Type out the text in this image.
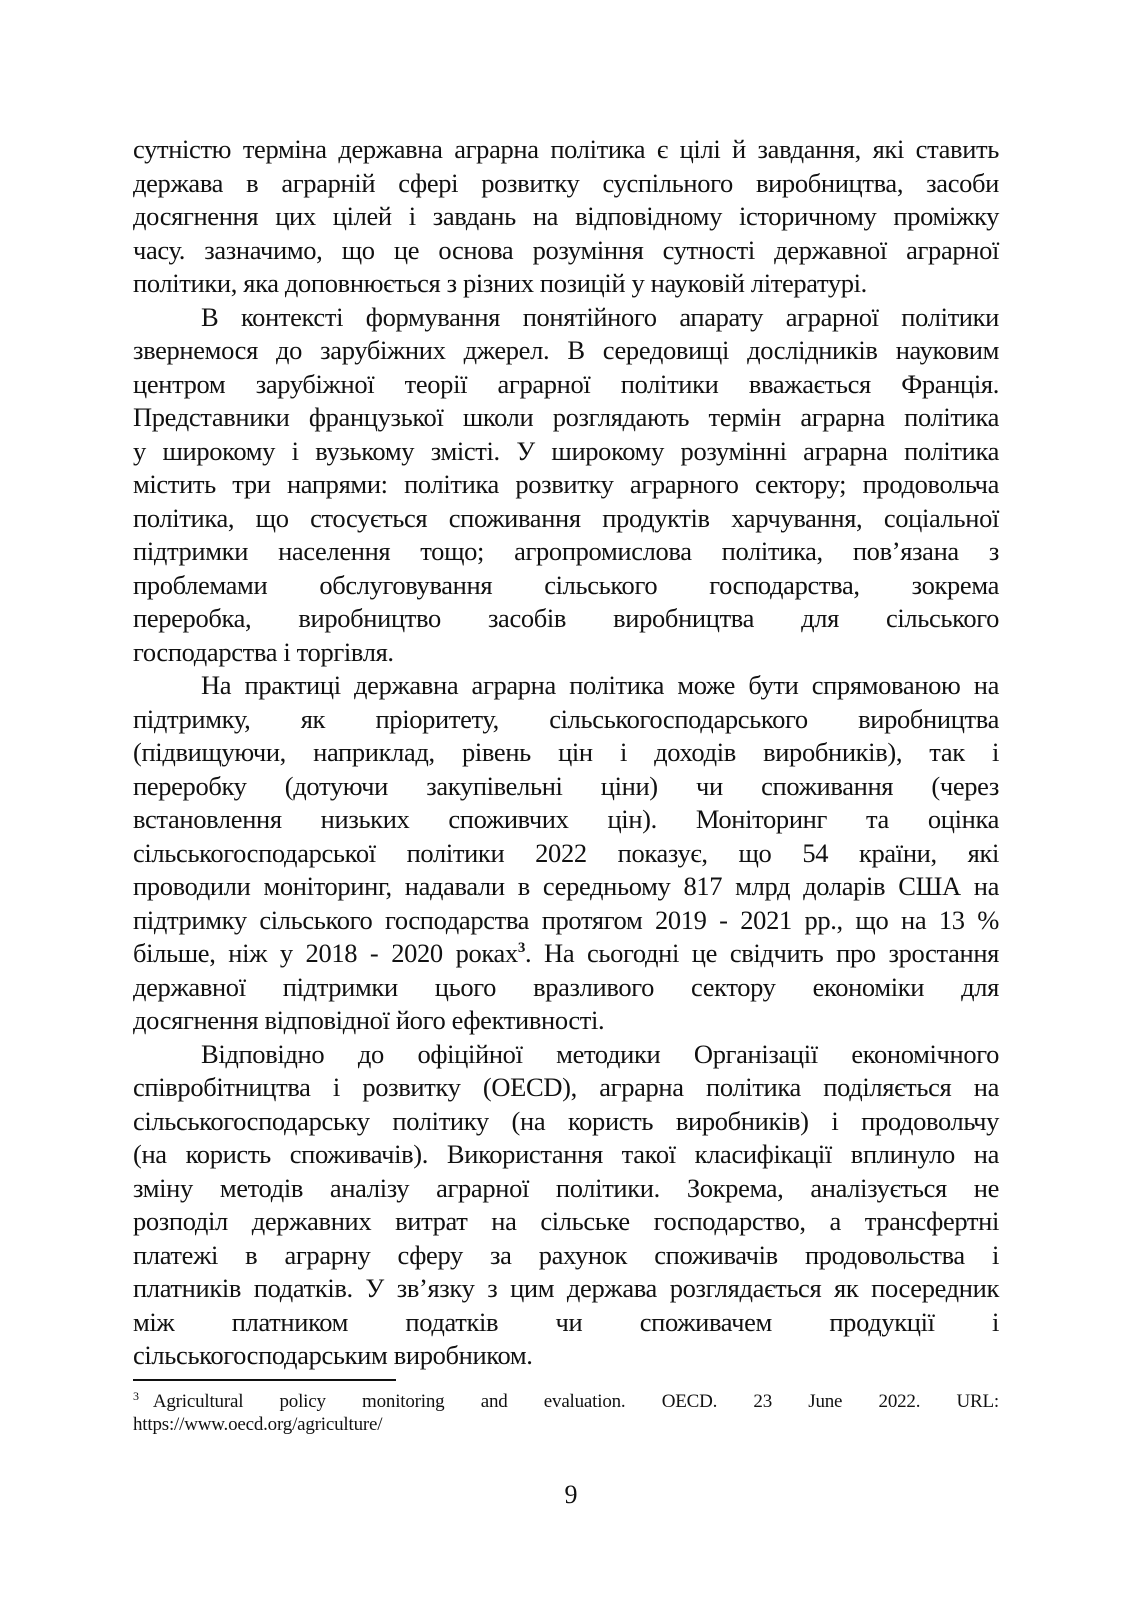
сутністю терміна державна аграрна політика є цілі й завдання, які ставить
держава в аграрній сфері розвитку суспільного виробництва, засоби
досягнення цих цілей і завдань на відповідному історичному проміжку
часу. зазначимо, що це основа розуміння сутності державної аграрної
політики, яка доповнюється з різних позицій у науковій літературі.
В контексті формування понятійного апарату аграрної політики
звернемося до зарубіжних джерел. В середовищі дослідників науковим
центром зарубіжної теорії аграрної політики вважається Франція.
Представники французької школи розглядають термін аграрна політика
у широкому і вузькому змісті. У широкому розумінні аграрна політика
містить три напрями: політика розвитку аграрного сектору; продовольча
політика, що стосується споживання продуктів харчування, соціальної
підтримки населення тощо; агропромислова політика, пов’язана з
проблемами обслуговування сільського господарства, зокрема
переробка, виробництво засобів виробництва для сільського
господарства і торгівля.
На практиці державна аграрна політика може бути спрямованою на
підтримку, як пріоритету, сільськогосподарського виробництва
(підвищуючи, наприклад, рівень цін і доходів виробників), так і
переробку (дотуючи закупівельні ціни) чи споживання (через
встановлення низьких споживчих цін). Моніторинг та оцінка
сільськогосподарської політики 2022 показує, що 54 країни, які
проводили моніторинг, надавали в середньому 817 млрд доларів США на
підтримку сільського господарства протягом 2019 - 2021 рр., що на 13 %
більше, ніж у 2018 - 2020 роках$^3$. На сьогодні це свідчить про зростання
державної підтримки цього вразливого сектору економіки для
досягнення відповідної його ефективності.
Відповідно до офіційної методики Організації економічного
співробітництва і розвитку (OECD), аграрна політика поділяється на
сільськогосподарську політику (на користь виробників) і продовольчу
(на користь споживачів). Використання такої класифікації вплинуло на
зміну методів аналізу аграрної політики. Зокрема, аналізується не
розподіл державних витрат на сільське господарство, а трансфертні
платежі в аграрну сферу за рахунок споживачів продовольства і
платників податків. У зв’язку з цим держава розглядається як посередник
між платником податків чи споживачем продукції і
сільськогосподарським виробником.
$^3$ Agricultural policy monitoring and evaluation. OECD. 23 June 2022. URL:
https://www.oecd.org/agriculture/
9
